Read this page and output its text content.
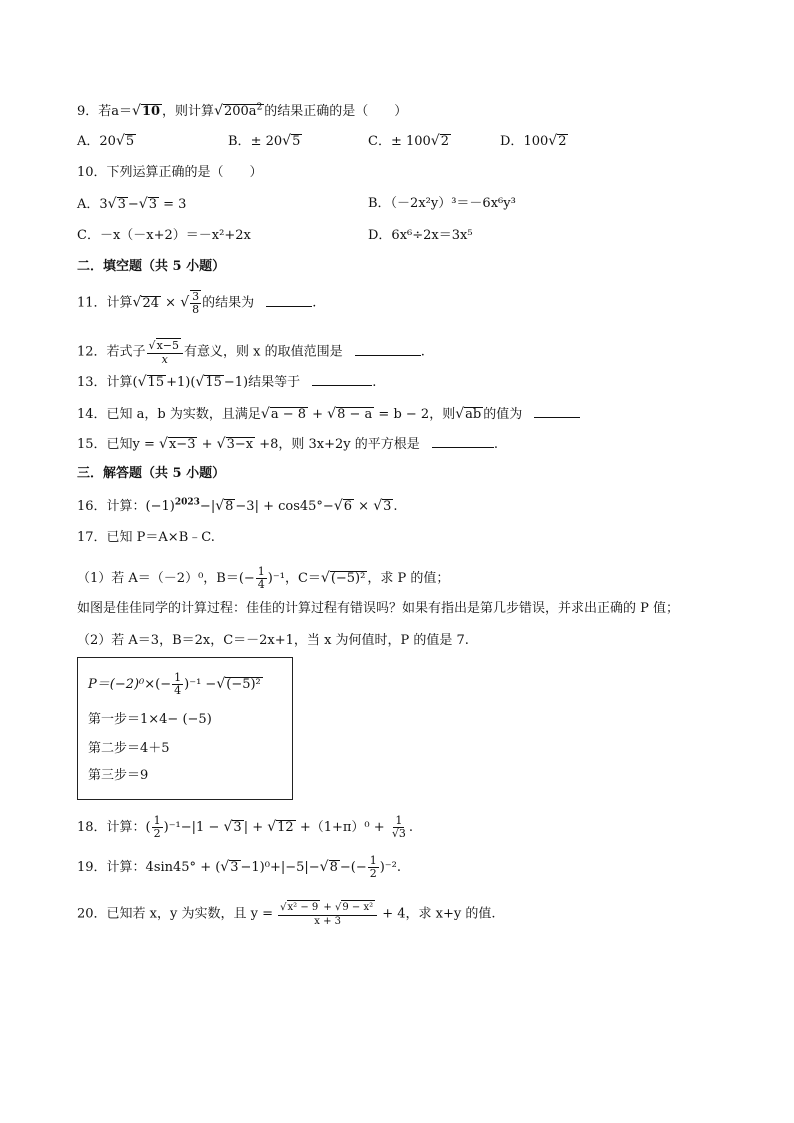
9．若a＝√10 ，则计算$√200a^2$ 的结果正确的是（　　）
A．20√5	B．± 20√5	C．± 100√2	D．100√2
10．下列运算正确的是（　　）
A．3√3 −√3 = 3	B．（－2x²y）³＝－6x⁶y³
C．－x（－x+2）＝－x²+2x	D．6x⁶÷2x＝3x⁵
二．填空题（共 5 小题）
11．计算√24 × √ $\frac{3}{8}$ 的结果为	.
12．若式子 $\frac{√x-5}{x}$ 有意义，则 x 的取值范围是	.
13．计算(√15 +1)(√15 −1)结果等于	.
14．已知 a，b 为实数，且满足√a − 8 + √8 − a = b − 2，则√ab 的值为
15．已知y = √x−3 + √3−x +8，则 3x+2y 的平方根是	.
三．解答题（共 5 小题）
16．计算：$(-1)^{2023}-|√8 -3| + \cos 45^\circ-√6 \times √3$ .
17．已知 P＝A×B﹣C.
（1）若 A＝（－2）⁰，$B=(- \frac{1}{4} )^{-1}$，C＝√(−5)² ，求 P 的值；
如图是佳佳同学的计算过程：佳佳的计算过程有错误吗？如果有指出是第几步错误，并求出正确的 P 值；
（2）若 A＝3，B＝2x，C＝－2x+1，当 x 为何值时，P 的值是 7.
$P=(-2)^0\times(- \frac{1}{4} )^{-1} -√(-5)^2$
第一步＝1×4− (−5)
第二步＝4＋5
第三步＝9
18．计算：( $\frac{1}{2} )^{-1}-|1 - √3$ | + $√12 +(1+\pi)^0 + \frac{1}{√3}$ .
19．计算：4sin45° + (√3 −1)⁰+|−5|−√8 −(− $\frac{1}{2} )^{-2}$.
20．已知若 x，y 为实数，且 $y = \frac{\text{√x² − 9 + √9 − x²}}{x + 3} + 4$，求 x+y 的值.
